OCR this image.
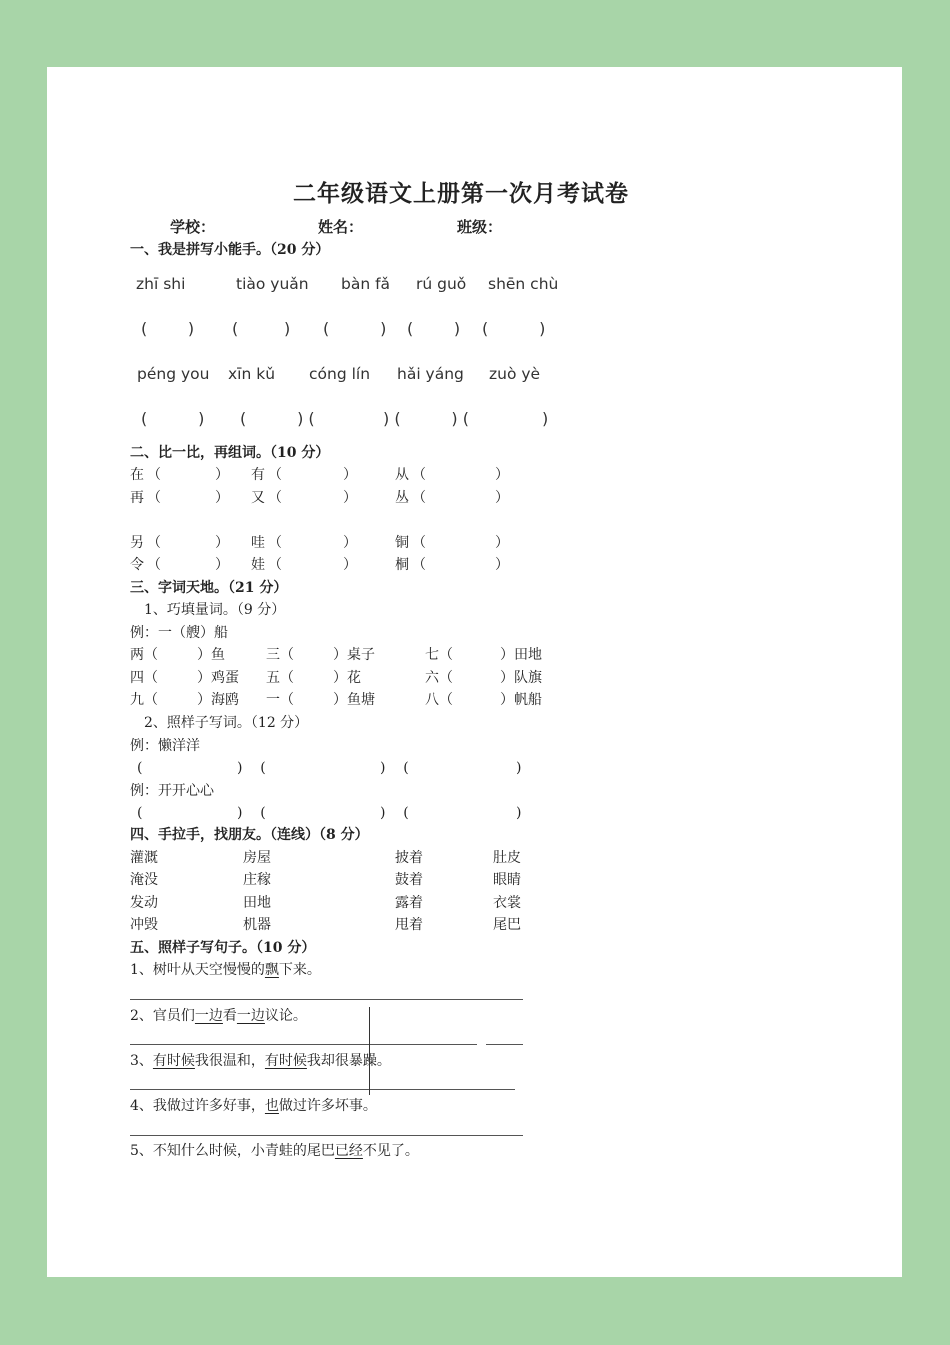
二年级语文上册第一次月考试卷
学校：	姓名：	班级：
一、我是拼写小能手。（20 分）
zhī shi	tiào yuǎn bàn fǎ rú guǒ shēn chù
(        ) (         ) (          ) (        ) (          )
péng you xīn kǔ cóng lín hǎi yáng zuò yè
(          ) (          ) (	) (          ) (	)
二、比一比，再组词。（10 分）
在 （	） 有 （	）	从 （	）
再 （	） 又 （	）	丛 （	）
另 （	） 哇 （	）	铜 （	）
令 （	） 娃 （	）	桐 （	）
三、字词天地。（21 分）
1、巧填量词。（9 分）
例：一（艘）船
两（	）鱼	三（	）桌子	七（	）田地
四（	）鸡蛋 五（	）花	六（	）队旗
九（	）海鸥 一（	）鱼塘	八（	）帆船
2、照样子写词。（12 分）
例：懒洋洋
(	)    (	)    (	)
例：开开心心
(	)    (	)    (	)
四、手拉手，找朋友。（连线）（8 分）
灌溉	房屋	披着	肚皮
淹没	庄稼	鼓着	眼睛
发动	田地	露着	衣裳
冲毁	机器	甩着	尾巴
五、照样子写句子。（10 分）
1、树叶从天空慢慢的飘下来。
2、官员们一边看一边议论。
3、有时候我很温和，有时候我却很暴躁。
4、我做过许多好事，也做过许多坏事。
5、不知什么时候，小青蛙的尾巴已经不见了。
